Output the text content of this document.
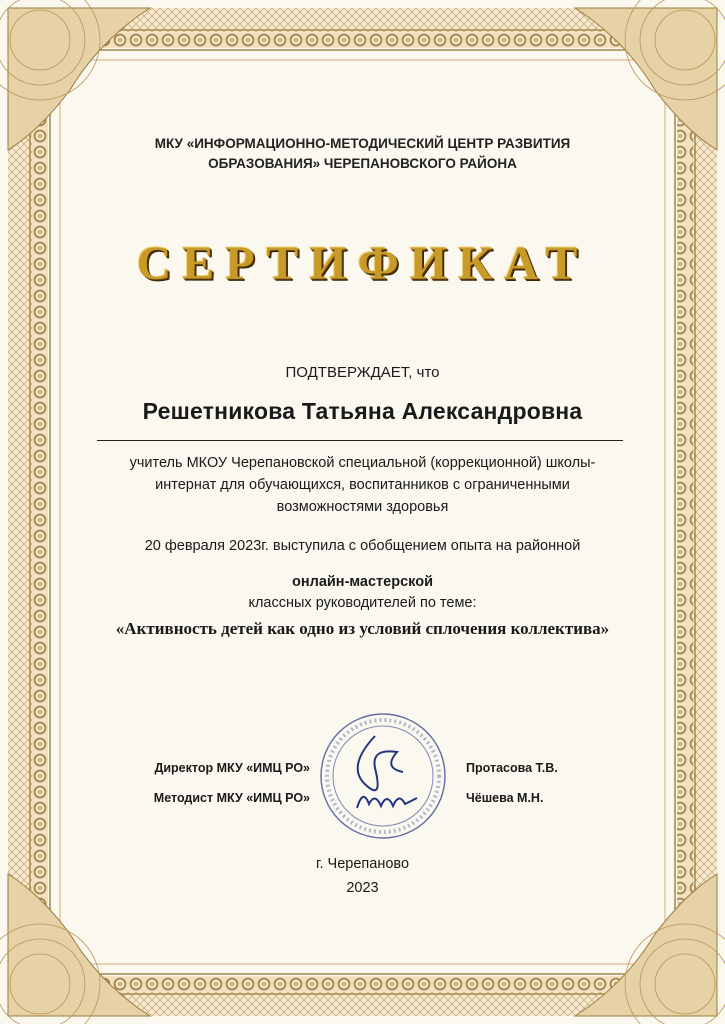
МКУ «ИНФОРМАЦИОННО-МЕТОДИЧЕСКИЙ ЦЕНТР РАЗВИТИЯ
ОБРАЗОВАНИЯ» ЧЕРЕПАНОВСКОГО РАЙОНА
СЕРТИФИКАТ
ПОДТВЕРЖДАЕТ, что
Решетникова Татьяна Александровна
учитель МКОУ Черепановской специальной (коррекционной) школы-
интернат для обучающихся, воспитанников с ограниченными
возможностями здоровья
20 февраля 2023г. выступила с обобщением опыта на районной
онлайн-мастерской
классных руководителей по теме:
«Активность детей как одно из условий сплочения коллектива»
Директор МКУ «ИМЦ РО»	Протасова Т.В.
Методист МКУ «ИМЦ РО»	Чёшева М.Н.
г. Черепаново
2023
